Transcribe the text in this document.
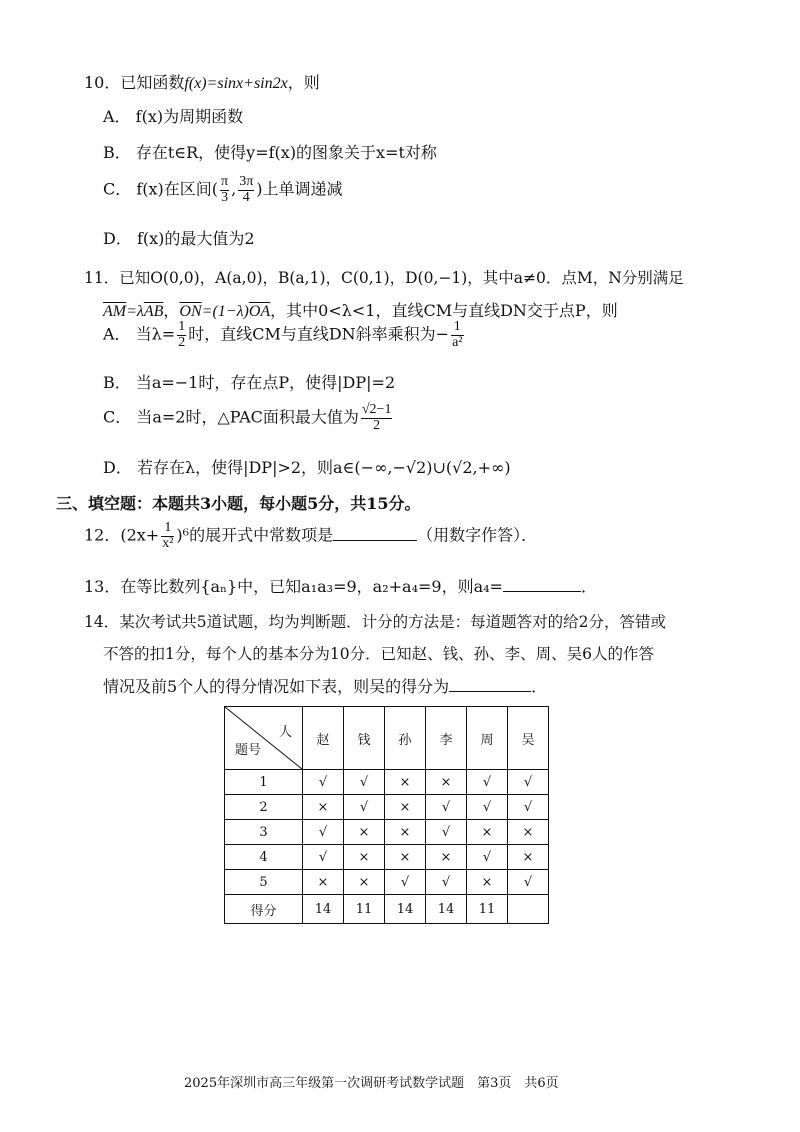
10．已知函数f(x)=sinx+sin2x，则
A． f(x)为周期函数
B． 存在t∈R，使得y=f(x)的图象关于x=t对称
C． f(x)在区间( $\frac{\pi}{3}$ , $\frac{3\pi}{4}$ )上单调递减
D． f(x)的最大值为2
11．已知O(0,0)，A(a,0)，B(a,1)，C(0,1)，D(0,−1)，其中a≠0．点M，N分别满足
$\overline{AM}=\lambda\overline{AB}$，$\overline{ON}=(1-\lambda)\overline{OA}$，其中0<λ<1，直线CM与直线DN交于点P，则
A． 当$\lambda= \frac{1}{2}$ 时，直线CM与直线DN斜率乘积为− $\frac{1}{\text{a²}}$
B． 当a=−1时，存在点P，使得|DP|=2
C． 当a=2时，△PAC面积最大值为 $\frac{√2-1}{2}$
D． 若存在λ，使得|DP|>2，则a∈(−∞,−√2)∪(√2,+∞)
三、填空题：本题共3小题，每小题5分，共15分。
12．$(2x+ \frac{1}{\text{x²}} )^6$的展开式中常数项是	（用数字作答）．
13．在等比数列{aₙ}中，已知a₁a₃=9，a₂+a₄=9，则a₄=	．
14．某次考试共5道试题，均为判断题．计分的方法是：每道题答对的给2分，答错或
不答的扣1分，每个人的基本分为10分．已知赵、钱、孙、李、周、吴6人的作答
情况及前5个人的得分情况如下表，则吴的得分为	．
人
题号	赵	钱	孙	李	周	吴
1	√	√	×	×	√	√
2	×	√	×	√	√	√
3	√	×	×	√	×	×
4	√	×	×	×	√	×
5	×	×	√	√	×	√
得分	14	11	14	14	11	
2025年深圳市高三年级第一次调研考试数学试题　第3页　共6页
